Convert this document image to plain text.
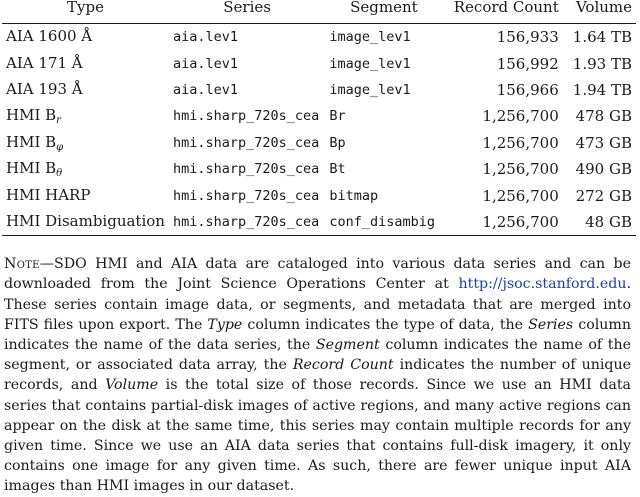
Type	Series	Segment	Record Count	Volume
AIA 1600 Å	aia.lev1	image_lev1	156,933	1.64 TB
AIA 171 Å	aia.lev1	image_lev1	156,992	1.93 TB
AIA 193 Å	aia.lev1	image_lev1	156,966	1.94 TB
HMI $B_r$	hmi.sharp_720s_cea	Br	1,256,700	478 GB
HMI $B_\varphi$	hmi.sharp_720s_cea	Bp	1,256,700	473 GB
HMI $B_\theta$	hmi.sharp_720s_cea	Bt	1,256,700	490 GB
HMI HARP	hmi.sharp_720s_cea	bitmap	1,256,700	272 GB
HMI Disambiguation	hmi.sharp_720s_cea	conf_disambig	1,256,700	48 GB

Note—SDO HMI and AIA data are cataloged into various data series and can be downloaded from the Joint Science Operations Center at http://jsoc.stanford.edu. These series contain image data, or segments, and metadata that are merged into FITS files upon export. The Type column indicates the type of data, the Series column indicates the name of the data series, the Segment column indicates the name of the segment, or associated data array, the Record Count indicates the number of unique records, and Volume is the total size of those records. Since we use an HMI data series that contains partial-disk images of active regions, and many active regions can appear on the disk at the same time, this series may contain multiple records for any given time. Since we use an AIA data series that contains full-disk imagery, it only contains one image for any given time. As such, there are fewer unique input AIA images than HMI images in our dataset.
